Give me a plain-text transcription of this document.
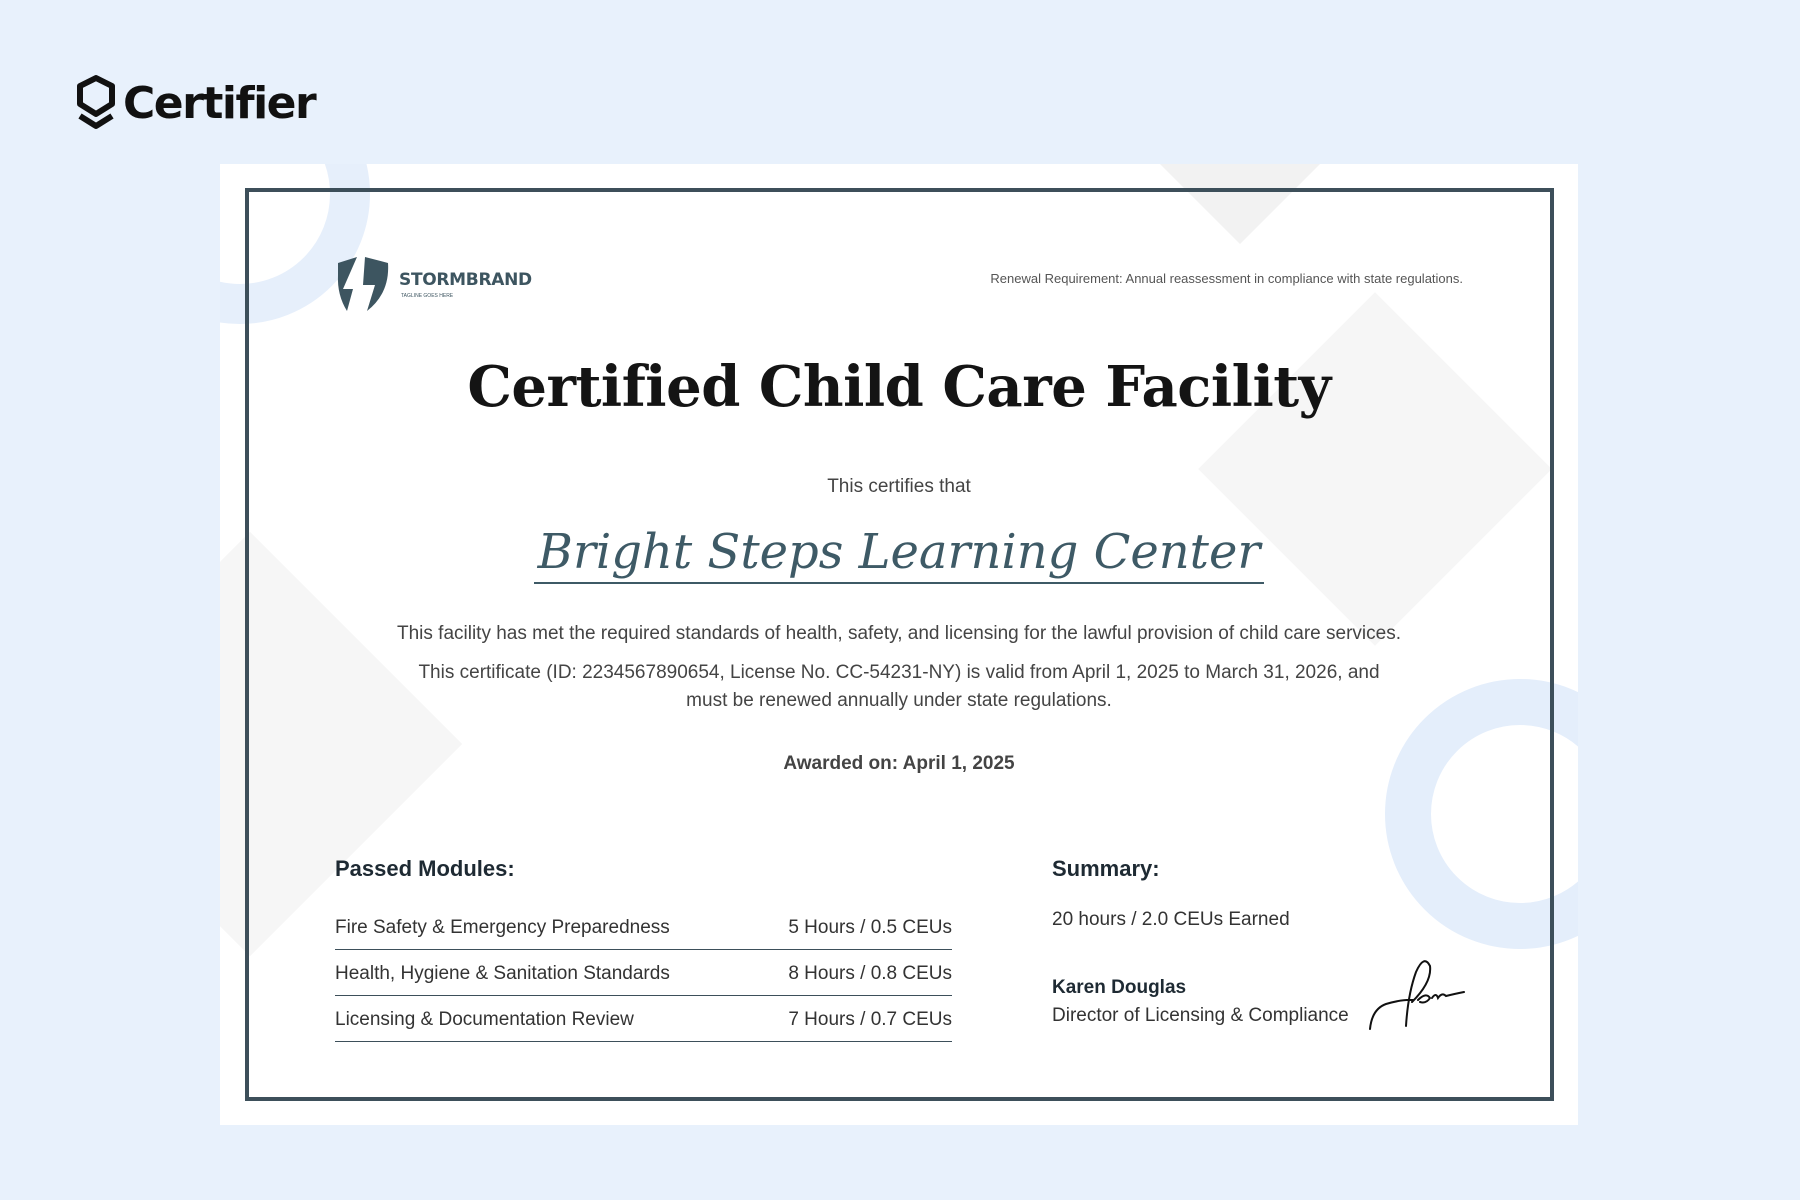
Certifier
STORMBRAND
TAGLINE GOES HERE
Renewal Requirement: Annual reassessment in compliance with state regulations.
Certified Child Care Facility
This certifies that
Bright Steps Learning Center
This facility has met the required standards of health, safety, and licensing for the lawful provision of child care services.
This certificate (ID: 2234567890654, License No. CC-54231-NY) is valid from April 1, 2025 to March 31, 2026, and must be renewed annually under state regulations.
Awarded on: April 1, 2025
Passed Modules:
Fire Safety & Emergency Preparedness	5 Hours / 0.5 CEUs
Health, Hygiene & Sanitation Standards	8 Hours / 0.8 CEUs
Licensing & Documentation Review	7 Hours / 0.7 CEUs
Summary:
20 hours / 2.0 CEUs Earned
Karen Douglas
Director of Licensing & Compliance
